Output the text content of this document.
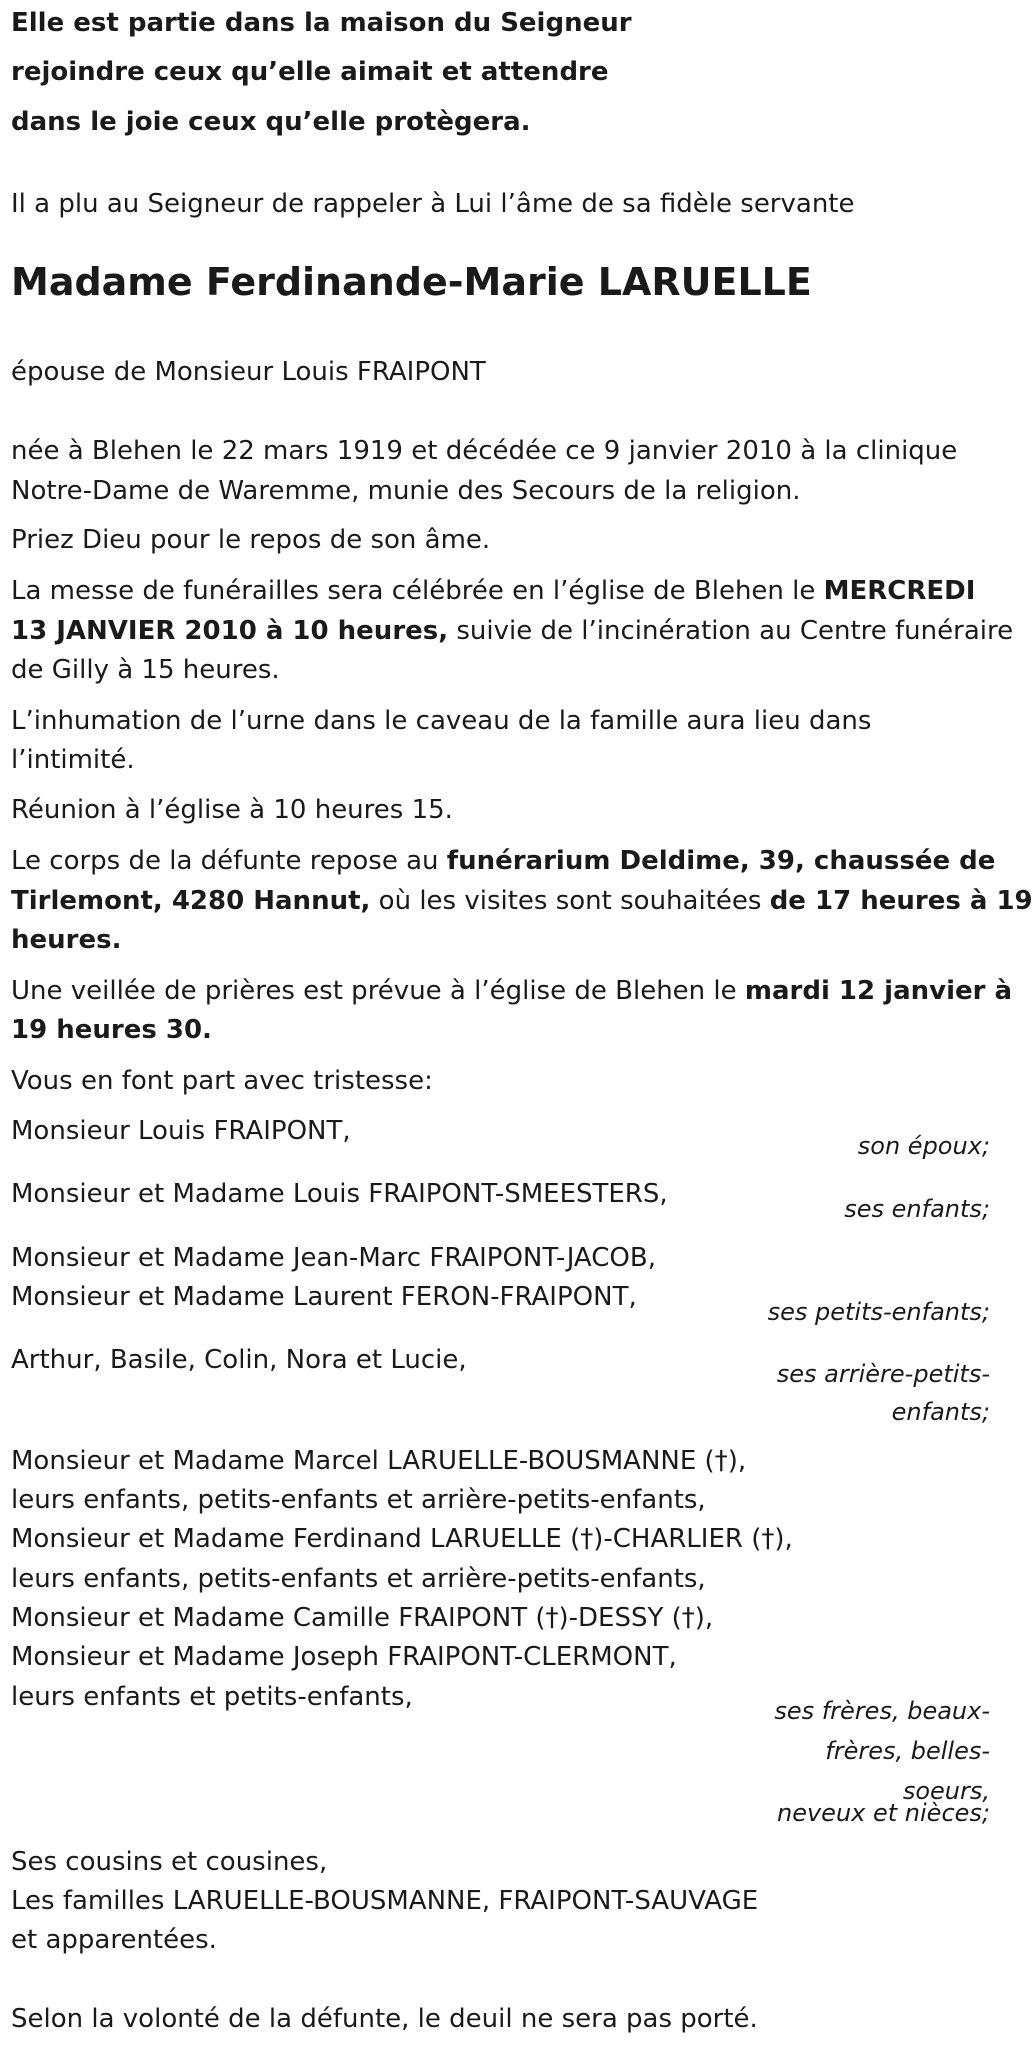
Elle est partie dans la maison du Seigneur

rejoindre ceux qu’elle aimait et attendre

dans le joie ceux qu’elle protègera.

Il a plu au Seigneur de rappeler à Lui l’âme de sa fidèle servante

Madame Ferdinande-Marie LARUELLE

épouse de Monsieur Louis FRAIPONT

née à Blehen le 22 mars 1919 et décédée ce 9 janvier 2010 à la clinique

Notre-Dame de Waremme, munie des Secours de la religion.

Priez Dieu pour le repos de son âme.

La messe de funérailles sera célébrée en l’église de Blehen le MERCREDI

13 JANVIER 2010 à 10 heures, suivie de l’incinération au Centre funéraire

de Gilly à 15 heures.

L’inhumation de l’urne dans le caveau de la famille aura lieu dans

l’intimité.

Réunion à l’église à 10 heures 15.

Le corps de la défunte repose au funérarium Deldime, 39, chaussée de

Tirlemont, 4280 Hannut, où les visites sont souhaitées de 17 heures à 19

heures.

Une veillée de prières est prévue à l’église de Blehen le mardi 12 janvier à

19 heures 30.

Vous en font part avec tristesse:

Monsieur Louis FRAIPONT,	son époux;

Monsieur et Madame Louis FRAIPONT-SMEESTERS,	ses enfants;

Monsieur et Madame Jean-Marc FRAIPONT-JACOB,

Monsieur et Madame Laurent FERON-FRAIPONT,	ses petits-enfants;

Arthur, Basile, Colin, Nora et Lucie,	ses arrière-petits-

enfants;

Monsieur et Madame Marcel LARUELLE-BOUSMANNE (†),

leurs enfants, petits-enfants et arrière-petits-enfants,

Monsieur et Madame Ferdinand LARUELLE (†)-CHARLIER (†),

leurs enfants, petits-enfants et arrière-petits-enfants,

Monsieur et Madame Camille FRAIPONT (†)-DESSY (†),

Monsieur et Madame Joseph FRAIPONT-CLERMONT,

leurs enfants et petits-enfants,	ses frères, beaux-

frères, belles-

soeurs,

neveux et nièces;

Ses cousins et cousines,

Les familles LARUELLE-BOUSMANNE, FRAIPONT-SAUVAGE

et apparentées.

Selon la volonté de la défunte, le deuil ne sera pas porté.
